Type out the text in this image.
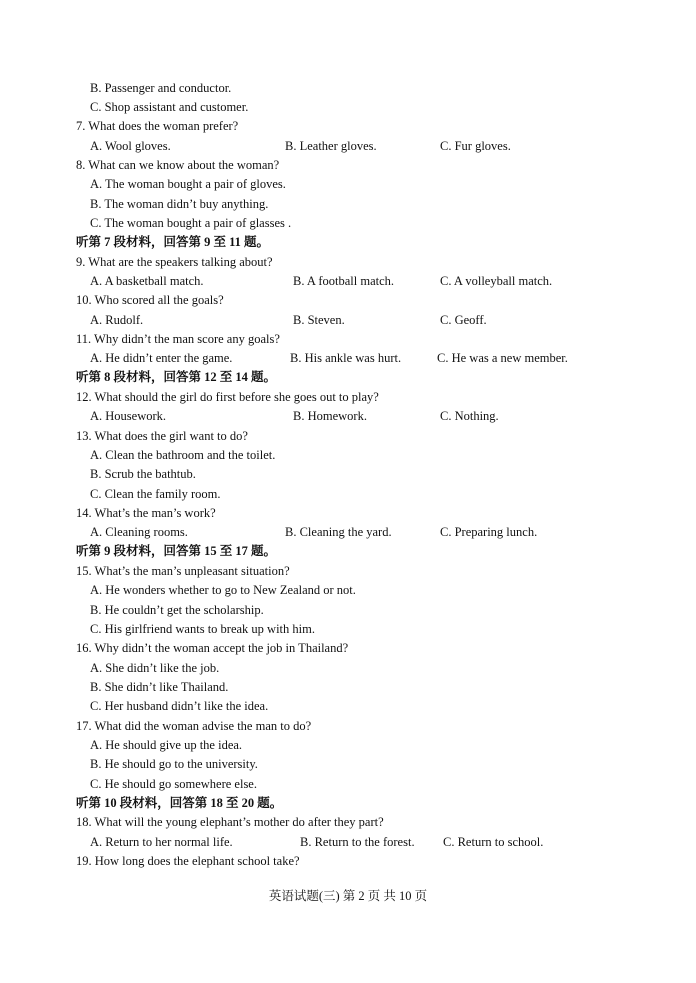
B. Passenger and conductor.
C. Shop assistant and customer.
7. What does the woman prefer?
A. Wool gloves.	B. Leather gloves.	C. Fur gloves.
8. What can we know about the woman?
A. The woman bought a pair of gloves.
B. The woman didn’t buy anything.
C. The woman bought a pair of glasses .
听第 7 段材料，回答第 9 至 11 题。
9. What are the speakers talking about?
A. A basketball match.	B. A football match.	C. A volleyball match.
10. Who scored all the goals?
A. Rudolf.	B. Steven.	C. Geoff.
11. Why didn’t the man score any goals?
A. He didn’t enter the game.	B. His ankle was hurt.	C. He was a new member.
听第 8 段材料，回答第 12 至 14 题。
12. What should the girl do first before she goes out to play?
A. Housework.	B. Homework.	C. Nothing.
13. What does the girl want to do?
A. Clean the bathroom and the toilet.
B. Scrub the bathtub.
C. Clean the family room.
14. What’s the man’s work?
A. Cleaning rooms.	B. Cleaning the yard.	C. Preparing lunch.
听第 9 段材料，回答第 15 至 17 题。
15. What’s the man’s unpleasant situation?
A. He wonders whether to go to New Zealand or not.
B. He couldn’t get the scholarship.
C. His girlfriend wants to break up with him.
16. Why didn’t the woman accept the job in Thailand?
A. She didn’t like the job.
B. She didn’t like Thailand.
C. Her husband didn’t like the idea.
17. What did the woman advise the man to do?
A. He should give up the idea.
B. He should go to the university.
C. He should go somewhere else.
听第 10 段材料，回答第 18 至 20 题。
18. What will the young elephant’s mother do after they part?
A. Return to her normal life.	B. Return to the forest. C. Return to school.
19. How long does the elephant school take?
英语试题(三) 第 2 页 共 10 页
